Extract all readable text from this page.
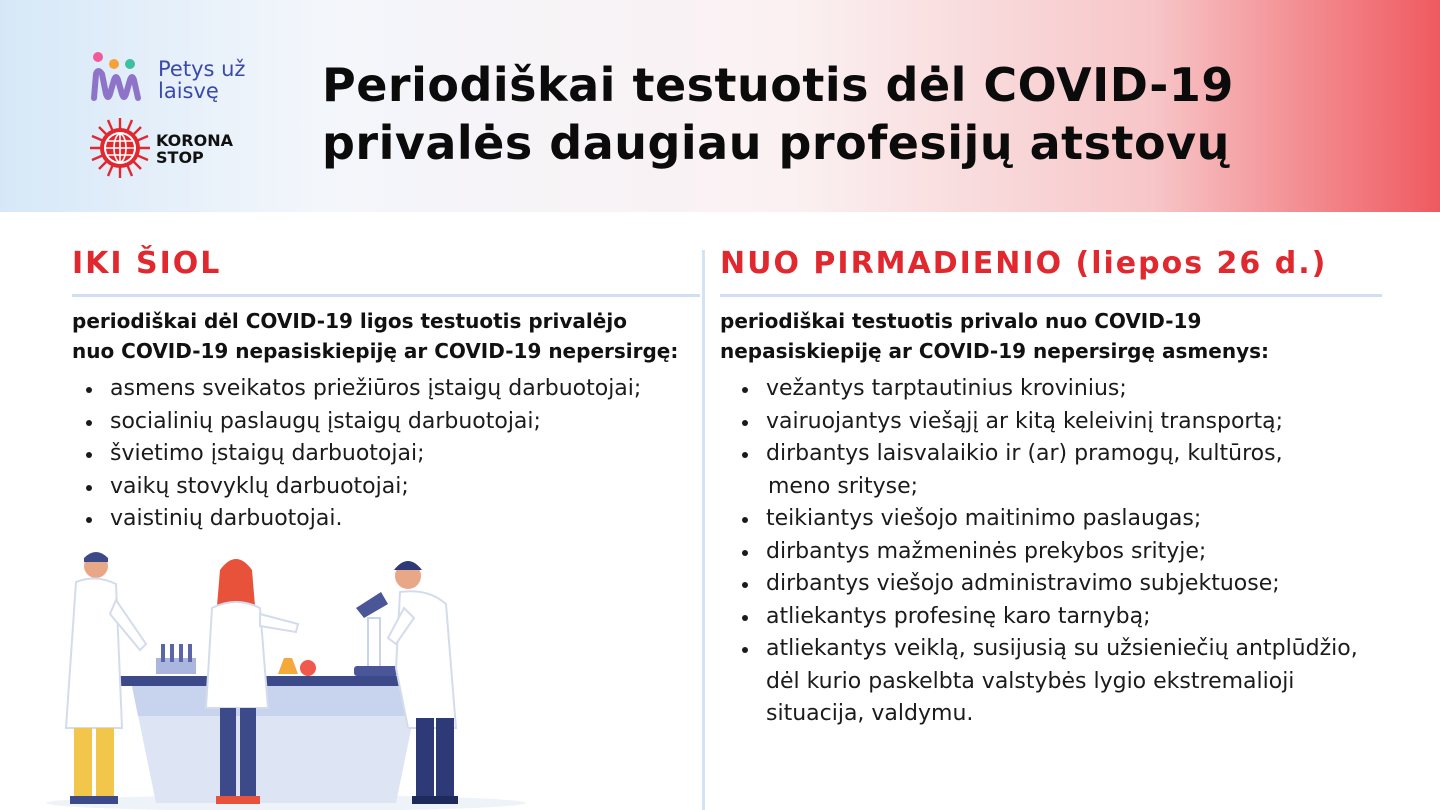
Petys už
laisvę
KORONA
STOP
Periodiškai testuotis dėl COVID-19
privalės daugiau profesijų atstovų
IKI ŠIOL
periodiškai dėl COVID-19 ligos testuotis privalėjo
nuo COVID-19 nepasiskiepiję ar COVID-19 nepersirgę:
asmens sveikatos priežiūros įstaigų darbuotojai;
socialinių paslaugų įstaigų darbuotojai;
švietimo įstaigų darbuotojai;
vaikų stovyklų darbuotojai;
vaistinių darbuotojai.
NUO PIRMADIENIO (liepos 26 d.)
periodiškai testuotis privalo nuo COVID-19
nepasiskiepiję ar COVID-19 nepersirgę asmenys:
vežantys tarptautinius krovinius;
vairuojantys viešąjį ar kitą keleivinį transportą;
dirbantys laisvalaikio ir (ar) pramogų, kultūros,
meno srityse;
teikiantys viešojo maitinimo paslaugas;
dirbantys mažmeninės prekybos srityje;
dirbantys viešojo administravimo subjektuose;
atliekantys profesinę karo tarnybą;
atliekantys veiklą, susijusią su užsieniečių antplūdžio,
dėl kurio paskelbta valstybės lygio ekstremalioji
situacija, valdymu.
